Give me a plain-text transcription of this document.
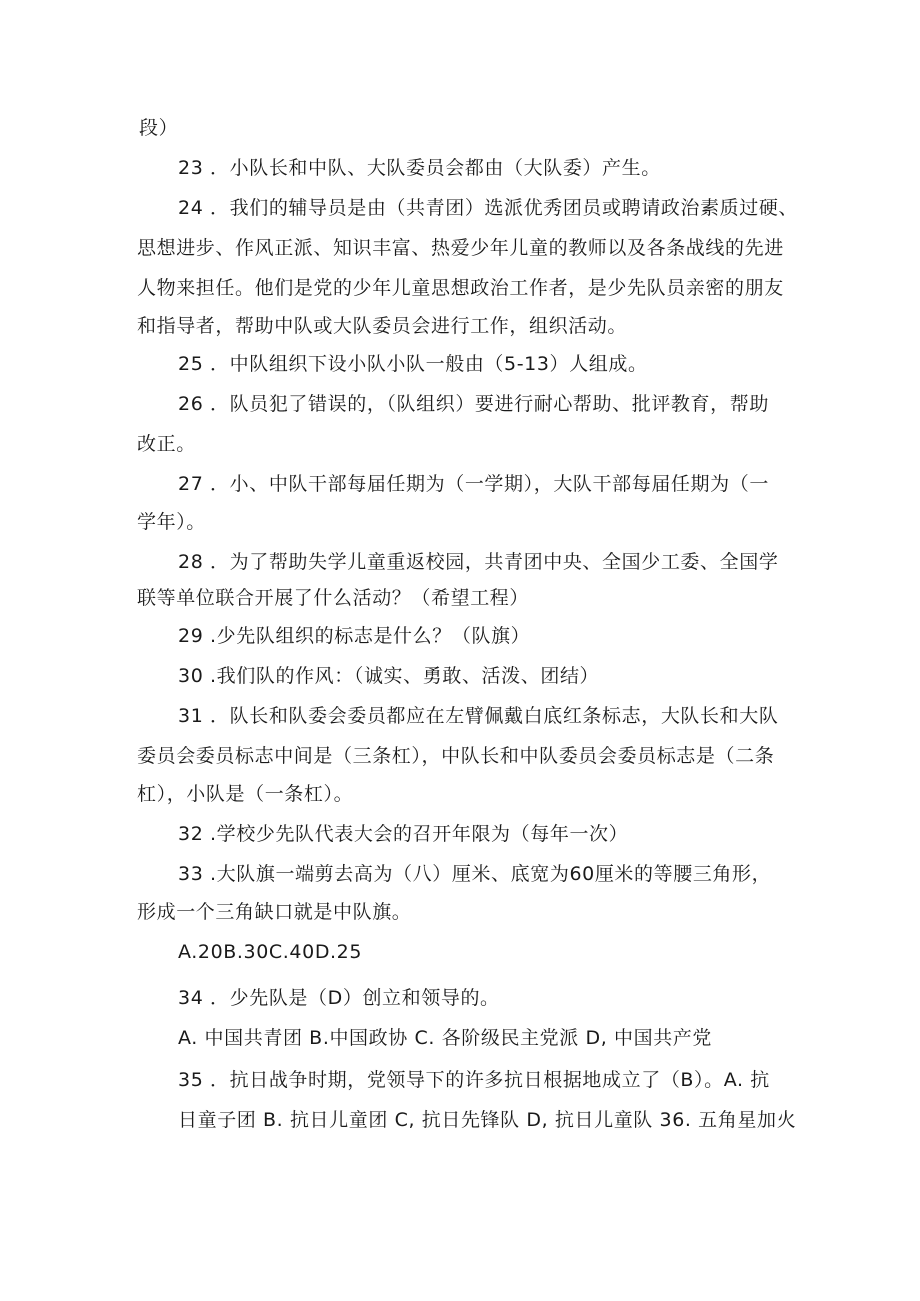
段）
23 ．小队长和中队、大队委员会都由（大队委）产生。
24 ．我们的辅导员是由（共青团）选派优秀团员或聘请政治素质过硬、
思想进步、作风正派、知识丰富、热爱少年儿童的教师以及各条战线的先进
人物来担任。他们是党的少年儿童思想政治工作者，是少先队员亲密的朋友
和指导者，帮助中队或大队委员会进行工作，组织活动。
25 ．中队组织下设小队小队一般由（5-13）人组成。
26 ．队员犯了错误的，（队组织）要进行耐心帮助、批评教育，帮助
改正。
27 ．小、中队干部每届任期为（一学期），大队干部每届任期为（一
学年）。
28 ．为了帮助失学儿童重返校园，共青团中央、全国少工委、全国学
联等单位联合开展了什么活动？（希望工程）
29 .少先队组织的标志是什么？（队旗）
30 .我们队的作风：（诚实、勇敢、活泼、团结）
31 ．队长和队委会委员都应在左臂佩戴白底红条标志，大队长和大队
委员会委员标志中间是（三条杠），中队长和中队委员会委员标志是（二条
杠），小队是（一条杠）。
32 .学校少先队代表大会的召开年限为（每年一次）
33 .大队旗一端剪去高为（八）厘米、底宽为60厘米的等腰三角形，
形成一个三角缺口就是中队旗。
A.20B.30C.40D.25
34 ．少先队是（D）创立和领导的。
A. 中国共青团 B.中国政协 C. 各阶级民主党派 D, 中国共产党
35 ．抗日战争时期，党领导下的许多抗日根据地成立了（B）。A. 抗
日童子团 B. 抗日儿童团 C, 抗日先锋队 D, 抗日儿童队 36. 五角星加火
